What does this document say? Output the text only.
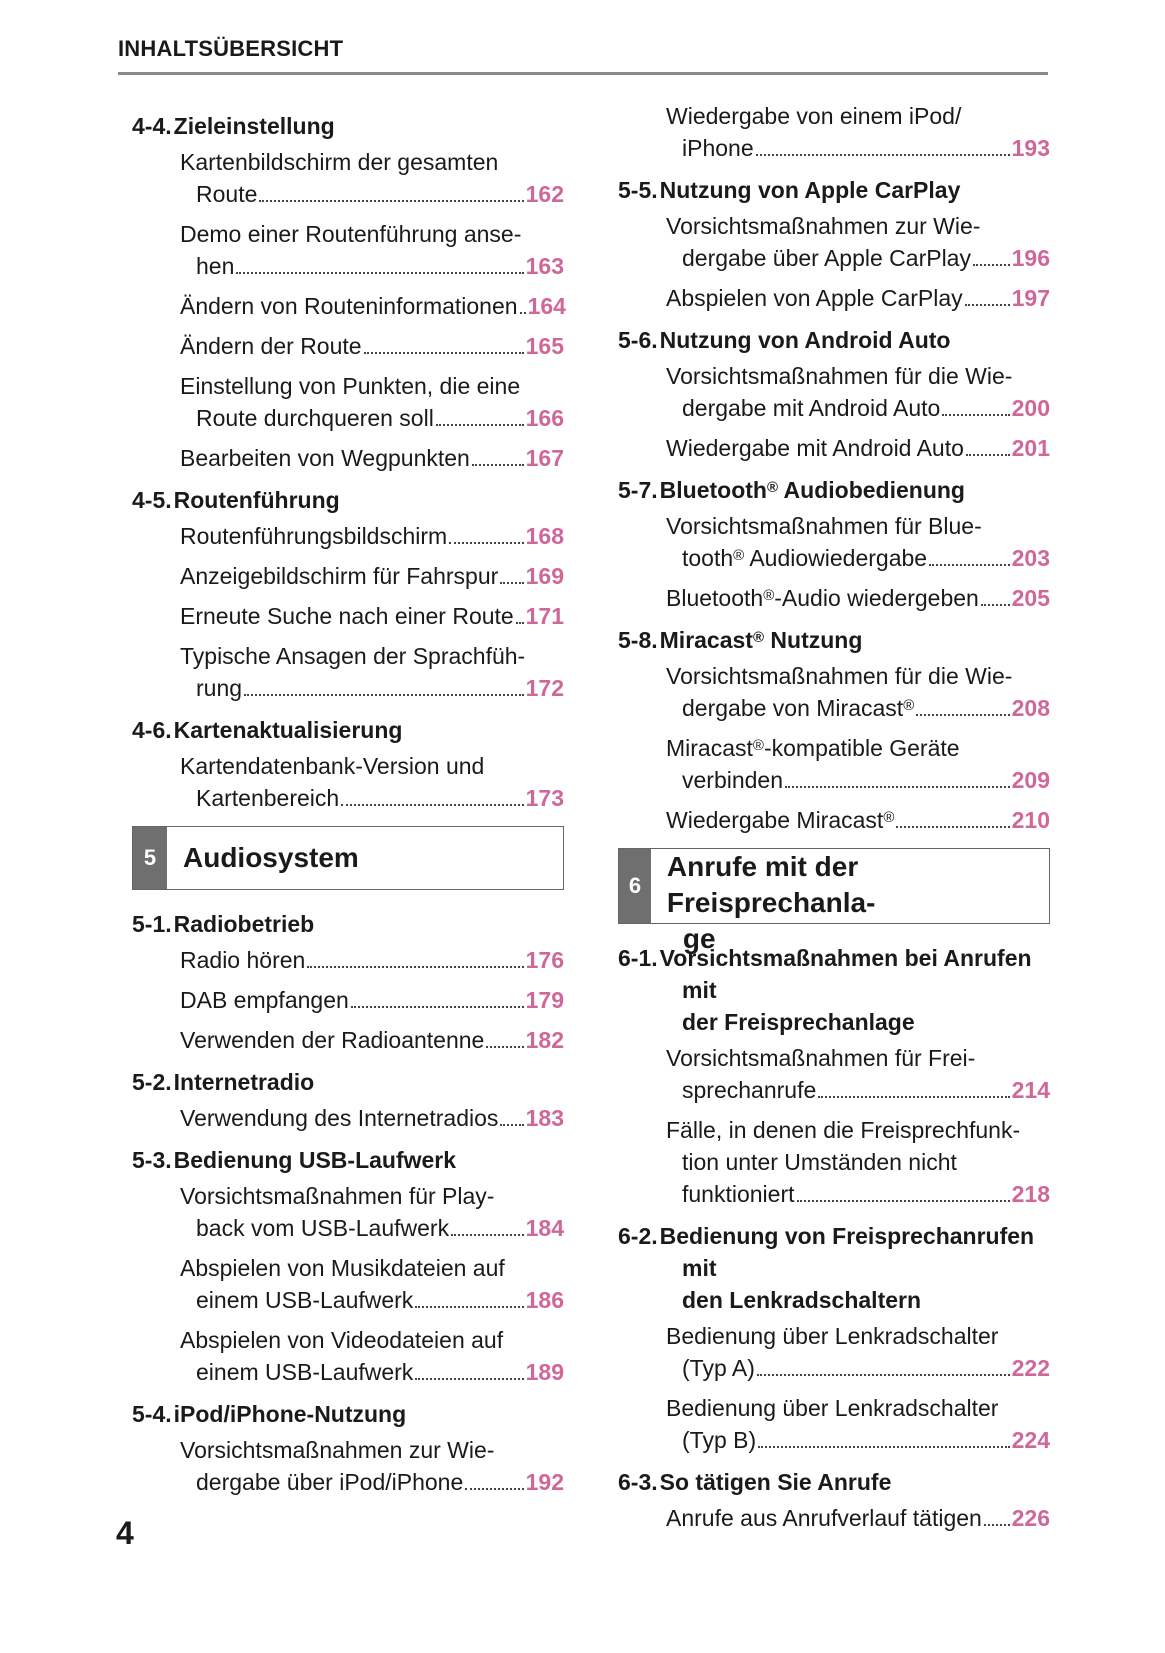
INHALTSÜBERSICHT
4-4.Zieleinstellung
Kartenbildschirm der gesamten
Route	162
Demo einer Routenführung anse-
hen	163
Ändern von Routeninformationen 164
Ändern der Route	165
Einstellung von Punkten, die eine
Route durchqueren soll	166
Bearbeiten von Wegpunkten 167
4-5.Routenführung
Routenführungsbildschirm	168
Anzeigebildschirm für Fahrspur 169
Erneute Suche nach einer Route 171
Typische Ansagen der Sprachfüh-
rung	172
4-6.Kartenaktualisierung
Kartendatenbank-Version und
Kartenbereich	173
5 Audiosystem
5-1.Radiobetrieb
Radio hören	176
DAB empfangen	179
Verwenden der Radioantenne 182
5-2.Internetradio
Verwendung des Internetradios 183
5-3.Bedienung USB-Laufwerk
Vorsichtsmaßnahmen für Play-
back vom USB-Laufwerk	184
Abspielen von Musikdateien auf
einem USB-Laufwerk	186
Abspielen von Videodateien auf
einem USB-Laufwerk	189
5-4.iPod/iPhone-Nutzung
Vorsichtsmaßnahmen zur Wie-
dergabe über iPod/iPhone	192
Wiedergabe von einem iPod/
iPhone	193
5-5.Nutzung von Apple CarPlay
Vorsichtsmaßnahmen zur Wie-
dergabe über Apple CarPlay 196
Abspielen von Apple CarPlay 197
5-6.Nutzung von Android Auto
Vorsichtsmaßnahmen für die Wie-
dergabe mit Android Auto	200
Wiedergabe mit Android Auto 201
5-7.Bluetooth® Audiobedienung
Vorsichtsmaßnahmen für Blue-
tooth® Audiowiedergabe	203
Bluetooth®-Audio wiedergeben 205
5-8.Miracast® Nutzung
Vorsichtsmaßnahmen für die Wie-
dergabe von Miracast®	208
Miracast®-kompatible Geräte
verbinden	209
Wiedergabe Miracast®	210
6
Anrufe mit der Freisprechanla-
ge
6-1.Vorsichtsmaßnahmen bei Anrufen mit
der Freisprechanlage
Vorsichtsmaßnahmen für Frei-
sprechanrufe	214
Fälle, in denen die Freisprechfunk-
tion unter Umständen nicht
funktioniert	218
6-2.Bedienung von Freisprechanrufen mit
den Lenkradschaltern
Bedienung über Lenkradschalter
(Typ A)	222
Bedienung über Lenkradschalter
(Typ B)	224
6-3.So tätigen Sie Anrufe
Anrufe aus Anrufverlauf tätigen 226
4
